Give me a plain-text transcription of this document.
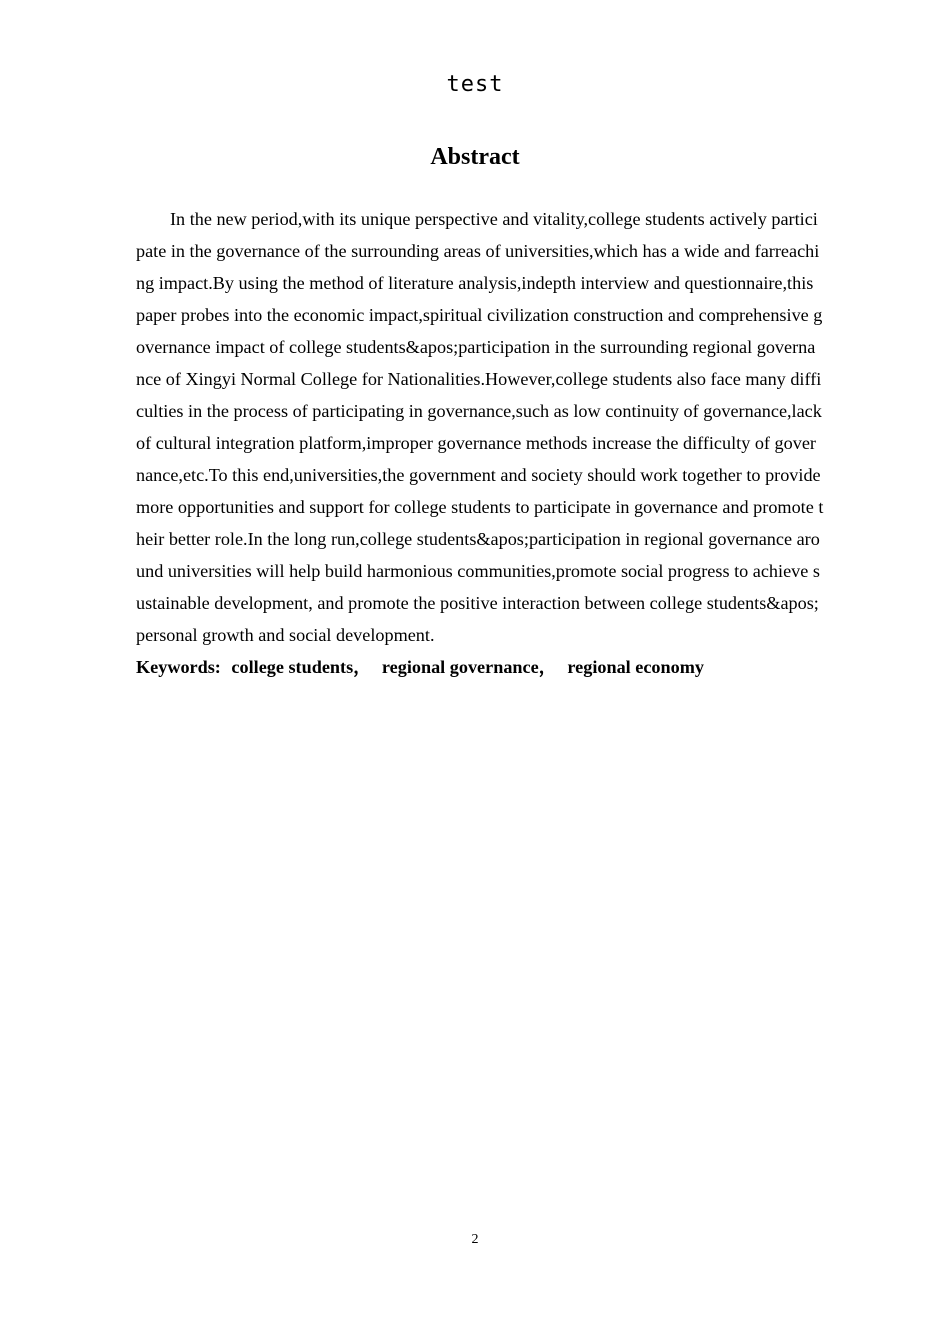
test
Abstract
In the new period,with its unique perspective and vitality,college students actively partici
pate in the governance of the surrounding areas of universities,which has a wide and farreachi
ng impact.By using the method of literature analysis,indepth interview and questionnaire,this
paper probes into the economic impact,spiritual civilization construction and comprehensive g
overnance impact of college students&apos;participation in the surrounding regional governa
nce of Xingyi Normal College for Nationalities.However,college students also face many diffi
culties in the process of participating in governance,such as low continuity of governance,lack
of cultural integration platform,improper governance methods increase the difficulty of gover
nance,etc.To this end,universities,the government and society should work together to provide
more opportunities and support for college students to participate in governance and promote t
heir better role.In the long run,college students&apos;participation in regional governance aro
und universities will help build harmonious communities,promote social progress to achieve s
ustainable development, and promote the positive interaction between college students&apos;
personal growth and social development.
Keywords: college students， regional governance， regional economy
2
